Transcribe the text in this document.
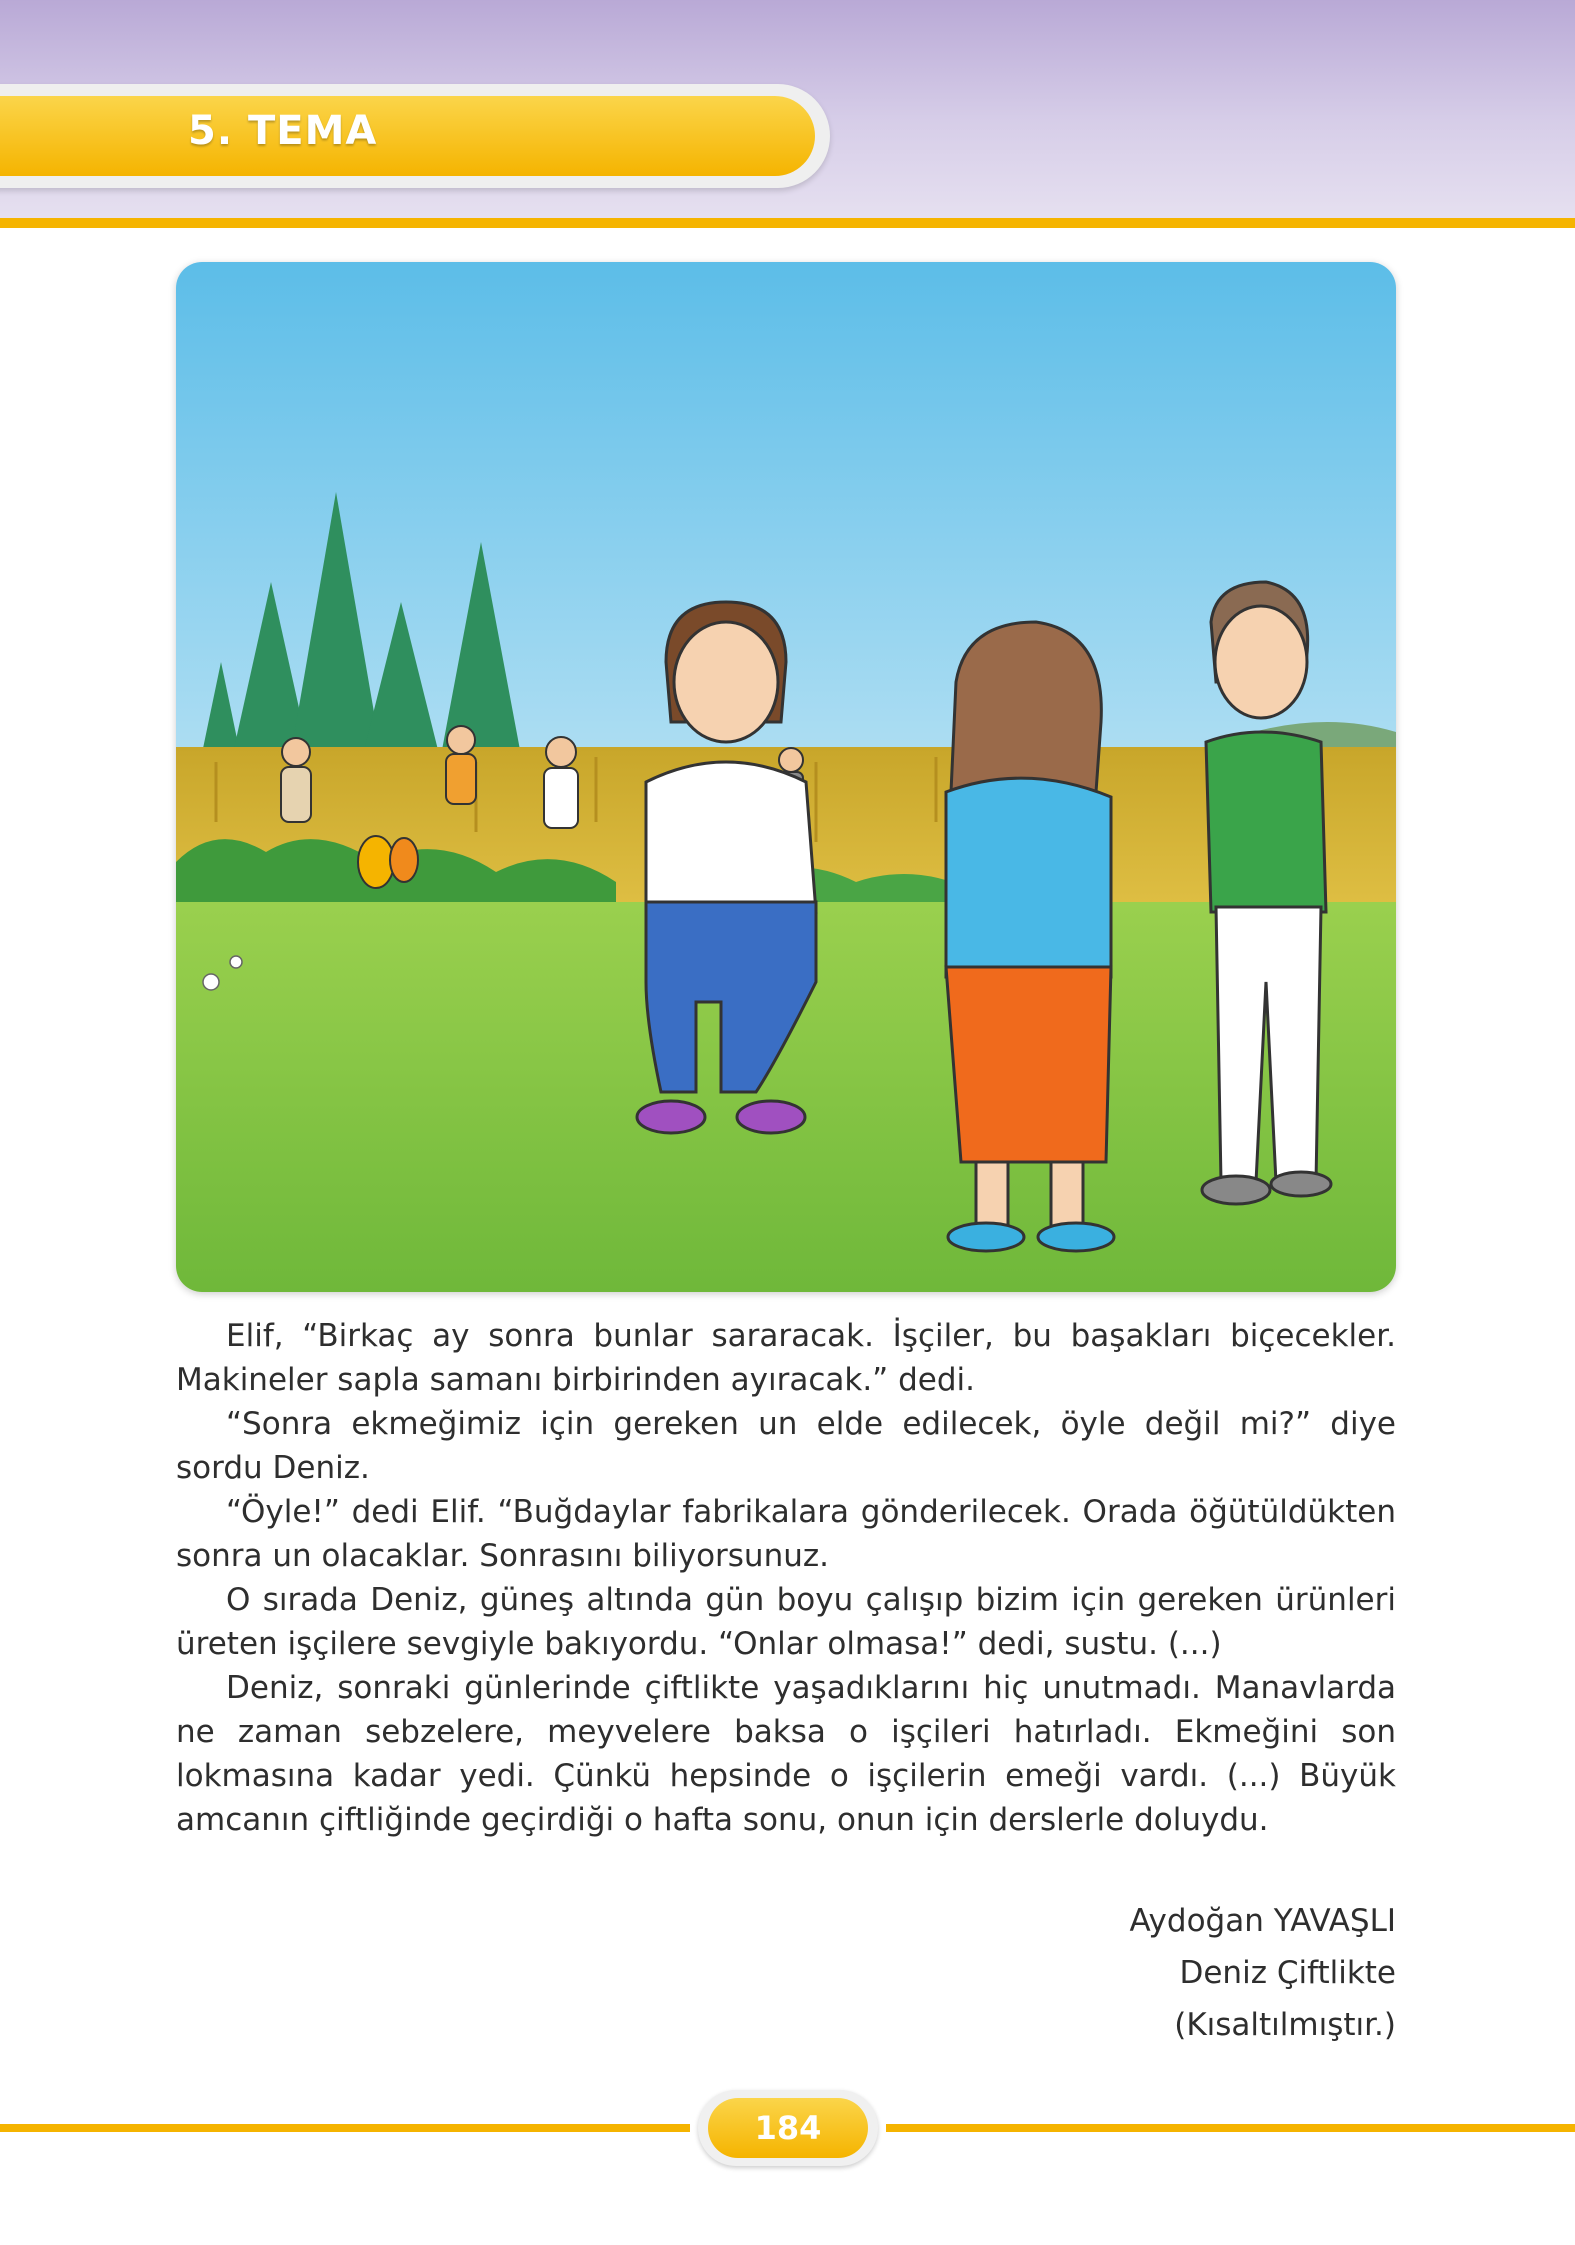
5. TEMA

Elif, “Birkaç ay sonra bunlar sararacak. İşçiler, bu başakları biçecekler. Makineler sapla samanı birbirinden ayıracak.” dedi.

“Sonra ekmeğimiz için gereken un elde edilecek, öyle değil mi?” diye sordu Deniz.

“Öyle!” dedi Elif. “Buğdaylar fabrikalara gönderilecek. Orada öğütüldükten sonra un olacaklar. Sonrasını biliyorsunuz.

O sırada Deniz, güneş altında gün boyu çalışıp bizim için gereken ürünleri üreten işçilere sevgiyle bakıyordu. “Onlar olmasa!” dedi, sustu. (...)

Deniz, sonraki günlerinde çiftlikte yaşadıklarını hiç unutmadı. Manavlarda ne zaman sebzelere, meyvelere baksa o işçileri hatırladı. Ekmeğini son lokmasına kadar yedi. Çünkü hepsinde o işçilerin emeği vardı. (...) Büyük amcanın çiftliğinde geçirdiği o hafta sonu, onun için derslerle doluydu.

Aydoğan YAVAŞLI
Deniz Çiftlikte
(Kısaltılmıştır.)
184
